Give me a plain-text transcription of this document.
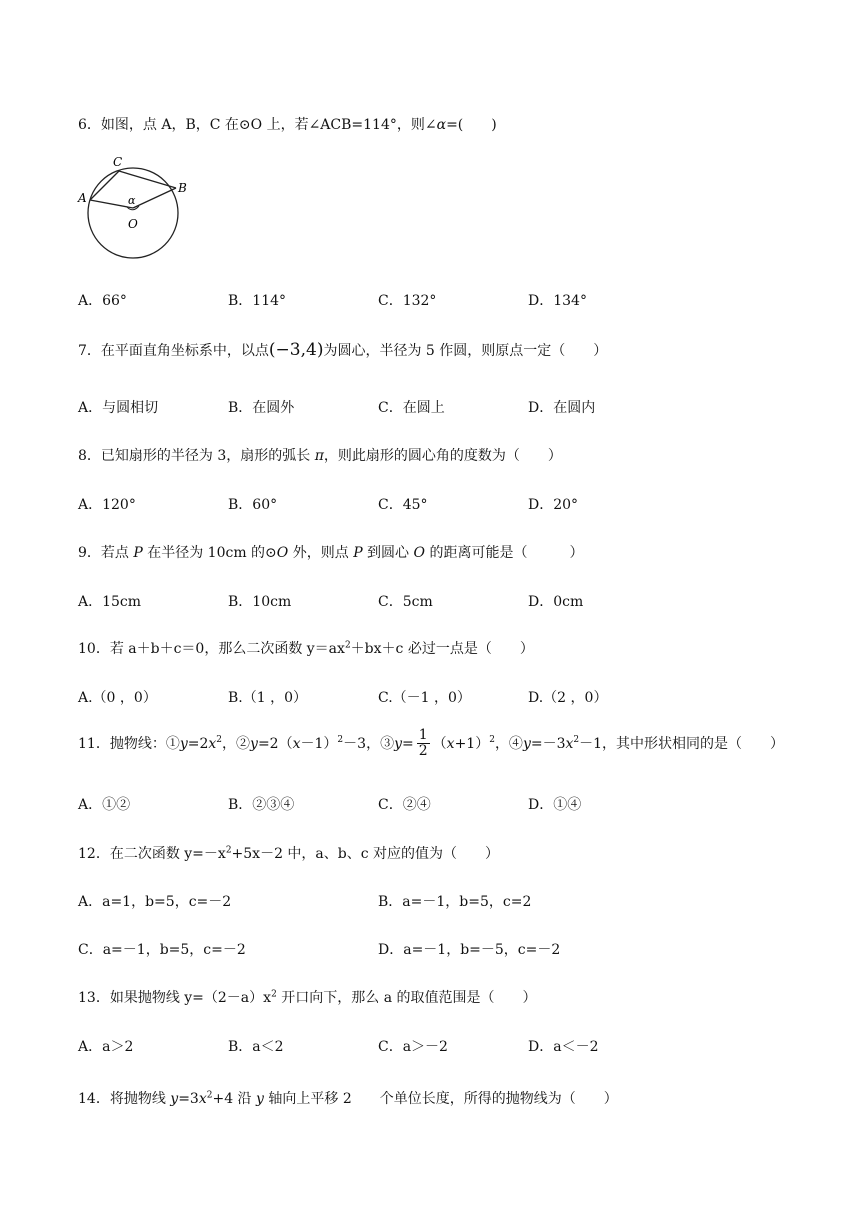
6．如图，点 A，B，C 在⊙O 上，若∠ACB=114°，则∠α=(　　)
C
A
B
α
O
A．66°	B．114°	C．132°	D．134°
7．在平面直角坐标系中，以点(−3,4)为圆心，半径为 5 作圆，则原点一定（　　）
A．与圆相切	B．在圆外	C．在圆上	D．在圆内
8．已知扇形的半径为 3，扇形的弧长 π，则此扇形的圆心角的度数为（　　）
A．120°	B．60°	C．45°	D．20°
9．若点 P 在半径为 10cm 的⊙O 外，则点 P 到圆心 O 的距离可能是（　　　）
A．15cm	B．10cm	C．5cm	D．0cm
10．若 a＋b＋c＝0，那么二次函数 $y=ax^2+bx+c$ 必过一点是（　　）
A.（0 ，0）	B.（1 ，0）	C.（－1 ，0）	D.（2 ，0）
11．抛物线：$①y=2x^2$，$②y=2(x-1)^2-3$，③y= $\frac{1}{2} (x+1)^2$，$④y=-3x^2-1$，其中形状相同的是（　　）
A．①②	B．②③④	C．②④	D．①④
12．在二次函数 $y=-x^2+5x-2$ 中，a、b、c 对应的值为（　　）
A．a=1，b=5，c=－2	B．a=－1，b=5，c=2
C．a=－1，b=5，c=－2	D．a=－1，b=－5，c=－2
13．如果抛物线 $y=(2-a)x^2$ 开口向下，那么 a 的取值范围是（　　）
A．a＞2	B．a＜2	C．a＞－2	D．a＜－2
14．将抛物线 $y=3x^2+4$ 沿 y 轴向上平移 2　　个单位长度，所得的抛物线为（　　）
